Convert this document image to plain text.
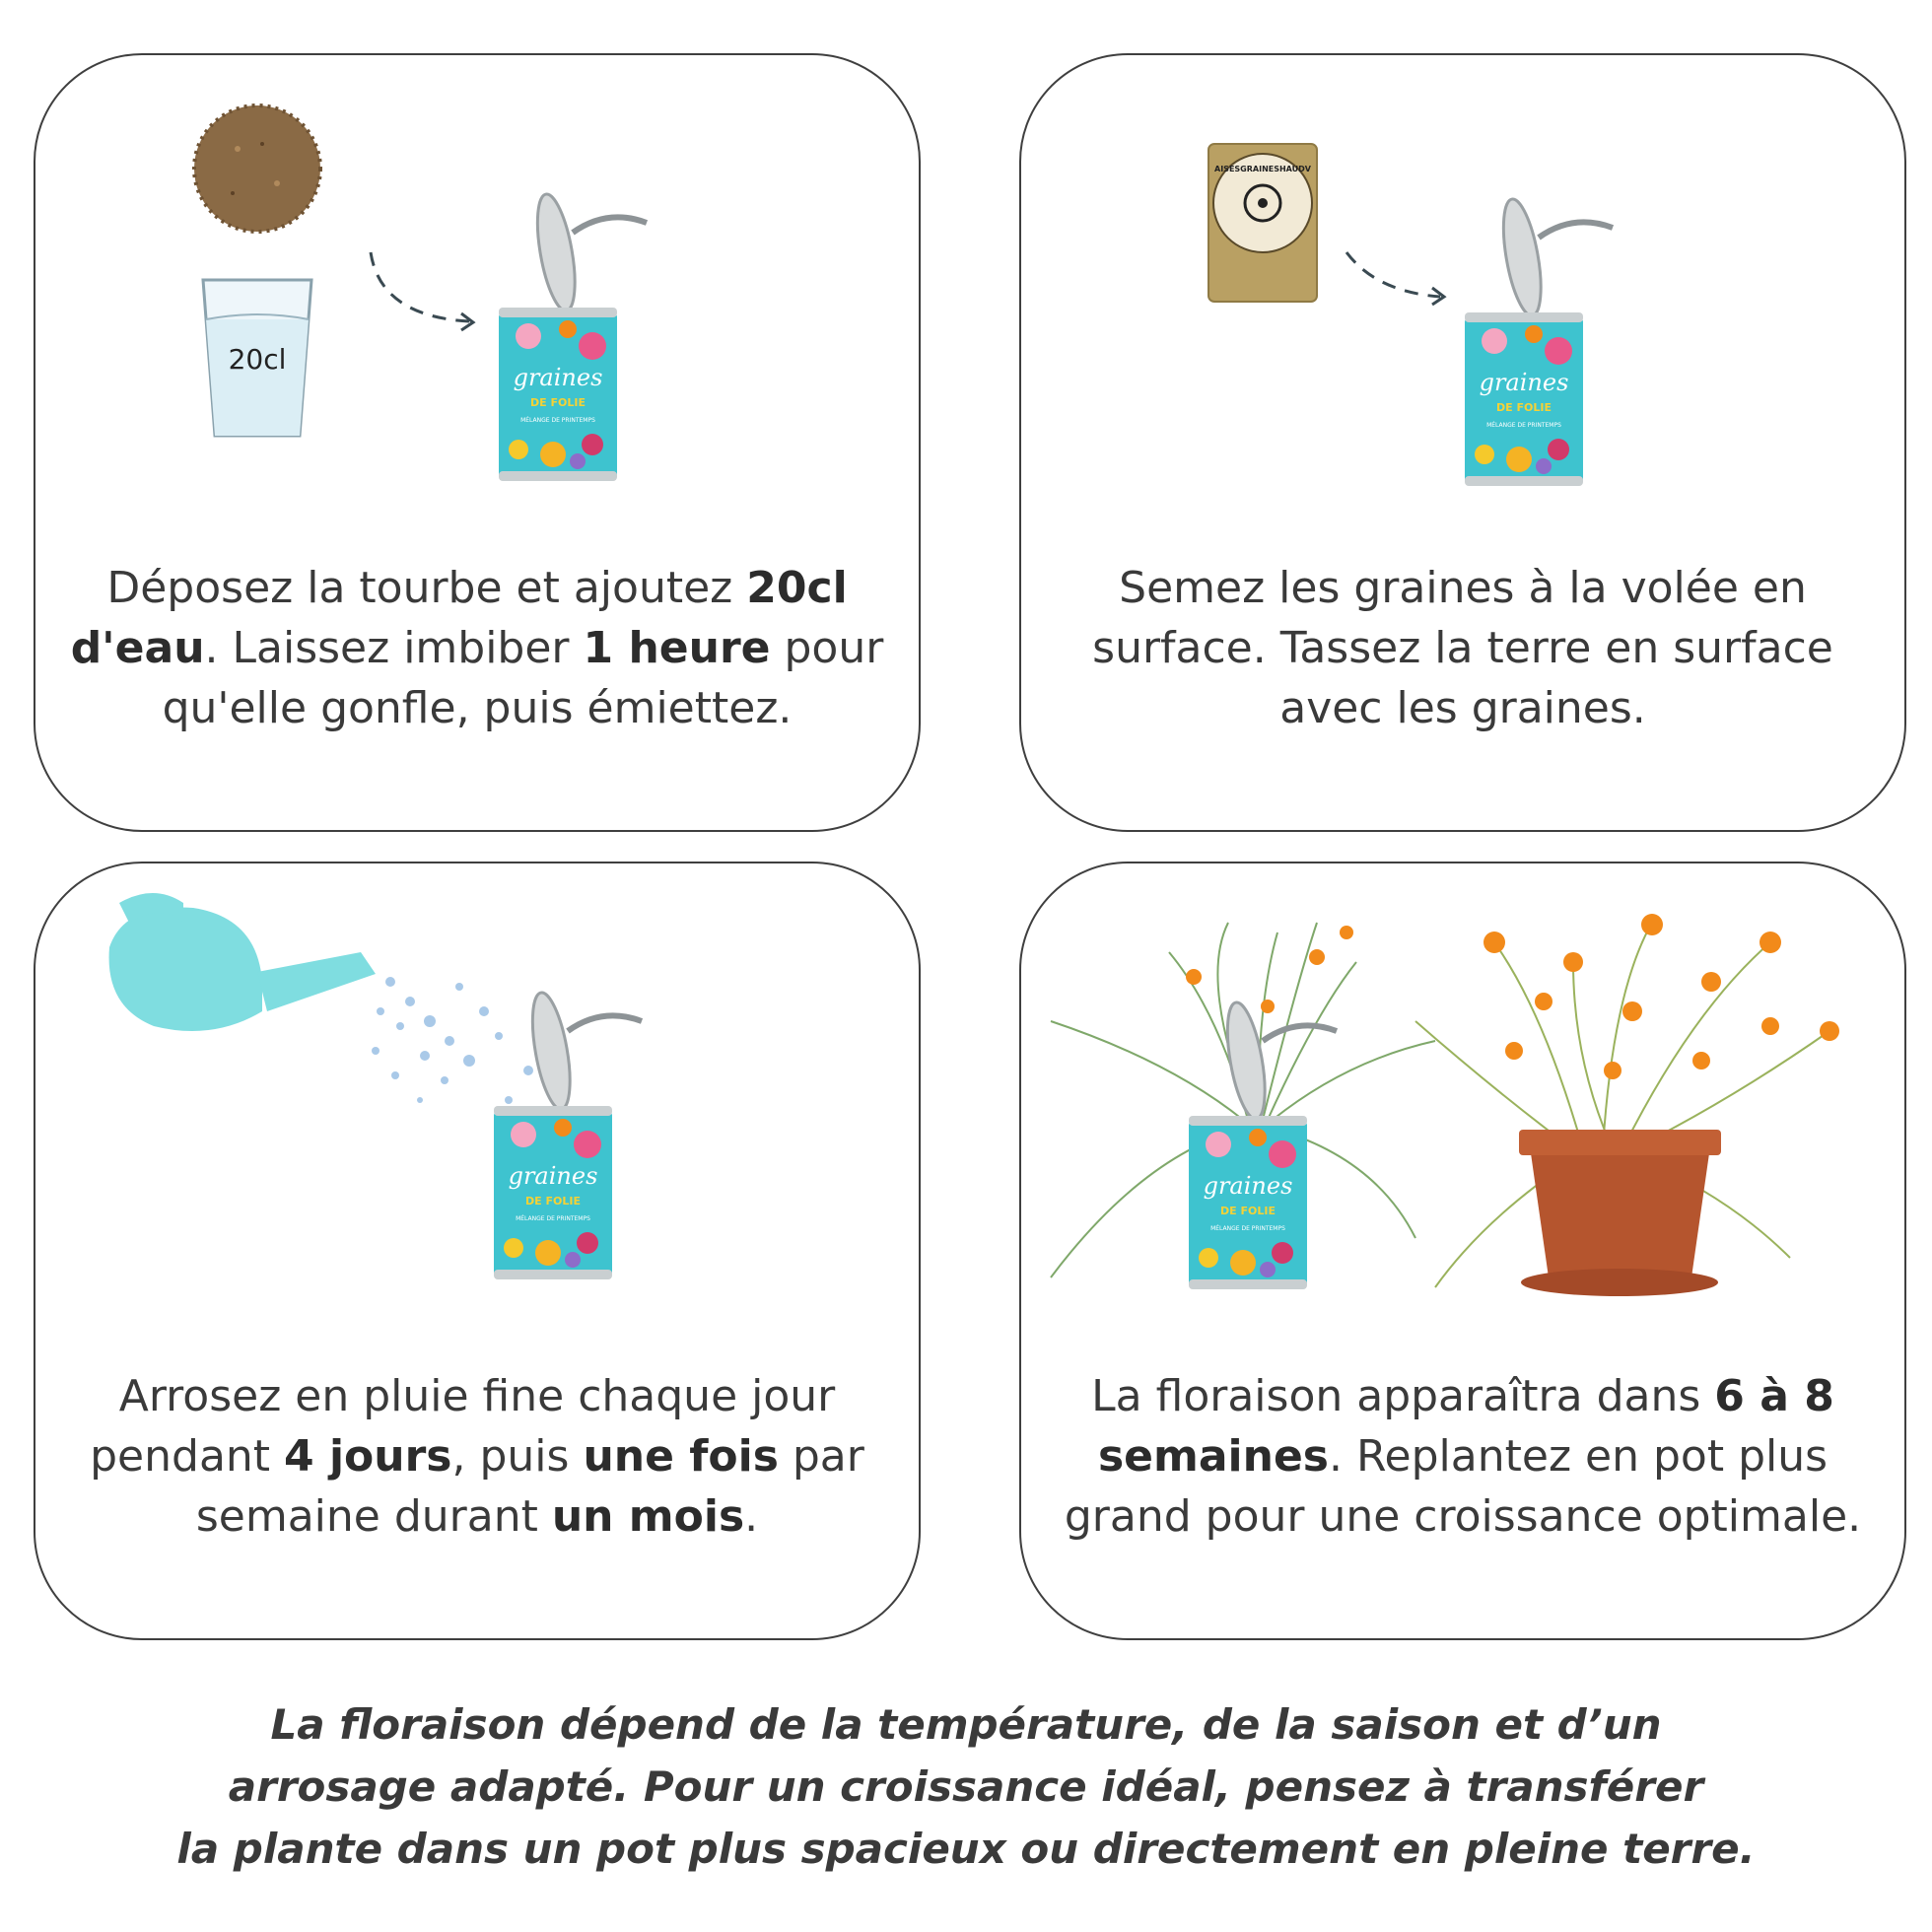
20cl
Déposez la tourbe et ajoutez 20cl d'eau. Laissez imbiber 1 heure pour qu'elle gonfle, puis émiettez.
AISESGRAINESHAUDV
Semez les graines à la volée en surface. Tassez la terre en surface avec les graines.
Arrosez en pluie fine chaque jour pendant 4 jours, puis une fois par semaine durant un mois.
La floraison apparaîtra dans 6 à 8 semaines. Replantez en pot plus grand pour une croissance optimale.
La floraison dépend de la température, de la saison et d’un
arrosage adapté. Pour un croissance idéal, pensez à transférer
la plante dans un pot plus spacieux ou directement en pleine terre.
